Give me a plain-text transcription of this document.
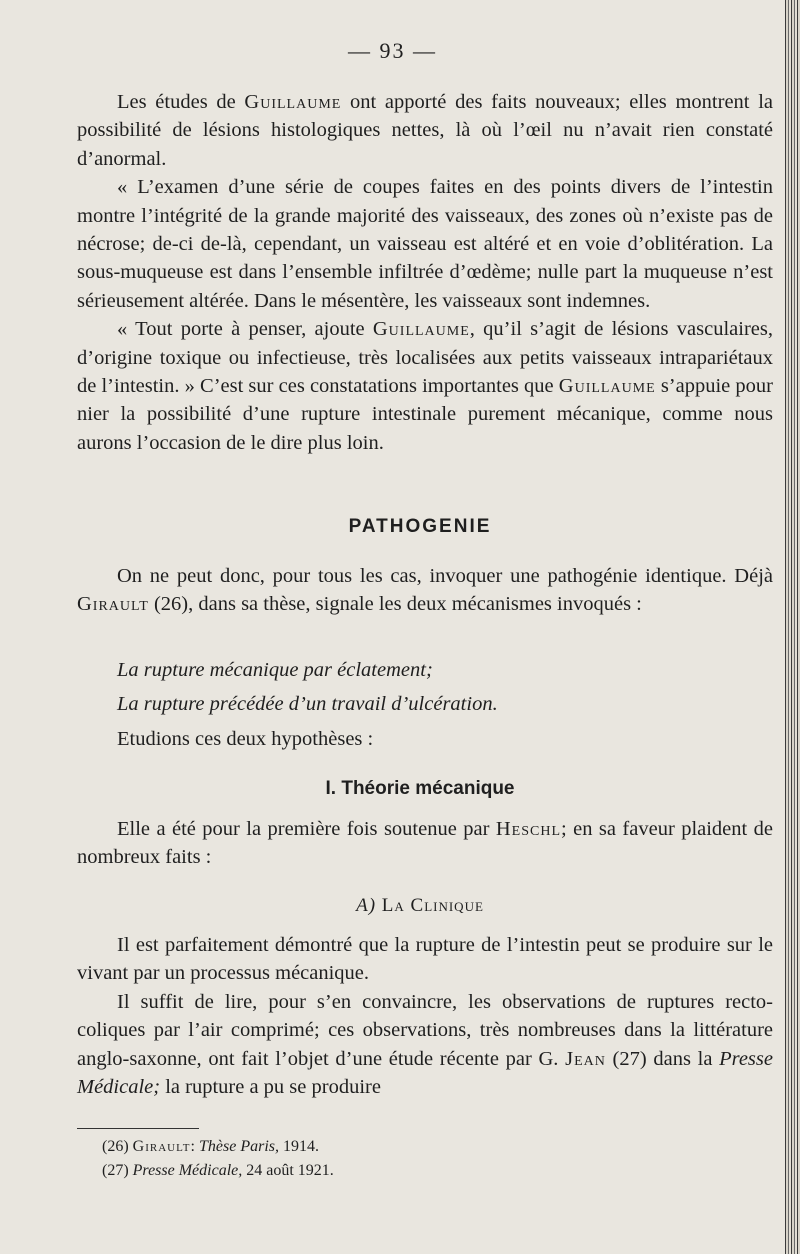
— 93 —

Les études de Guillaume ont apporté des faits nouveaux; elles montrent la possibilité de lésions histologiques nettes, là où l’œil nu n’avait rien constaté d’anormal.

« L’examen d’une série de coupes faites en des points divers de l’intestin montre l’intégrité de la grande majorité des vaisseaux, des zones où n’existe pas de nécrose; de-ci de-là, cependant, un vaisseau est altéré et en voie d’oblitération. La sous-muqueuse est dans l’ensemble infiltrée d’œdème; nulle part la muqueuse n’est sérieusement altérée. Dans le mésentère, les vaisseaux sont indemnes.

« Tout porte à penser, ajoute Guillaume, qu’il s’agit de lésions vasculaires, d’origine toxique ou infectieuse, très localisées aux petits vaisseaux intrapariétaux de l’intestin. » C’est sur ces constatations importantes que Guillaume s’appuie pour nier la possibilité d’une rupture intestinale purement mécanique, comme nous aurons l’occasion de le dire plus loin.

PATHOGENIE

On ne peut donc, pour tous les cas, invoquer une pathogénie identique. Déjà Girault (26), dans sa thèse, signale les deux mécanismes invoqués :

La rupture mécanique par éclatement;
La rupture précédée d’un travail d’ulcération.
Etudions ces deux hypothèses :
I. Théorie mécanique

Elle a été pour la première fois soutenue par Heschl; en sa faveur plaident de nombreux faits :

A) La Clinique

Il est parfaitement démontré que la rupture de l’intestin peut se produire sur le vivant par un processus mécanique.

Il suffit de lire, pour s’en convaincre, les observations de ruptures recto-coliques par l’air comprimé; ces observations, très nombreuses dans la littérature anglo-saxonne, ont fait l’objet d’une étude récente par G. Jean (27) dans la Presse Médicale; la rupture a pu se produire

(26) Girault: Thèse Paris, 1914.
(27) Presse Médicale, 24 août 1921.
